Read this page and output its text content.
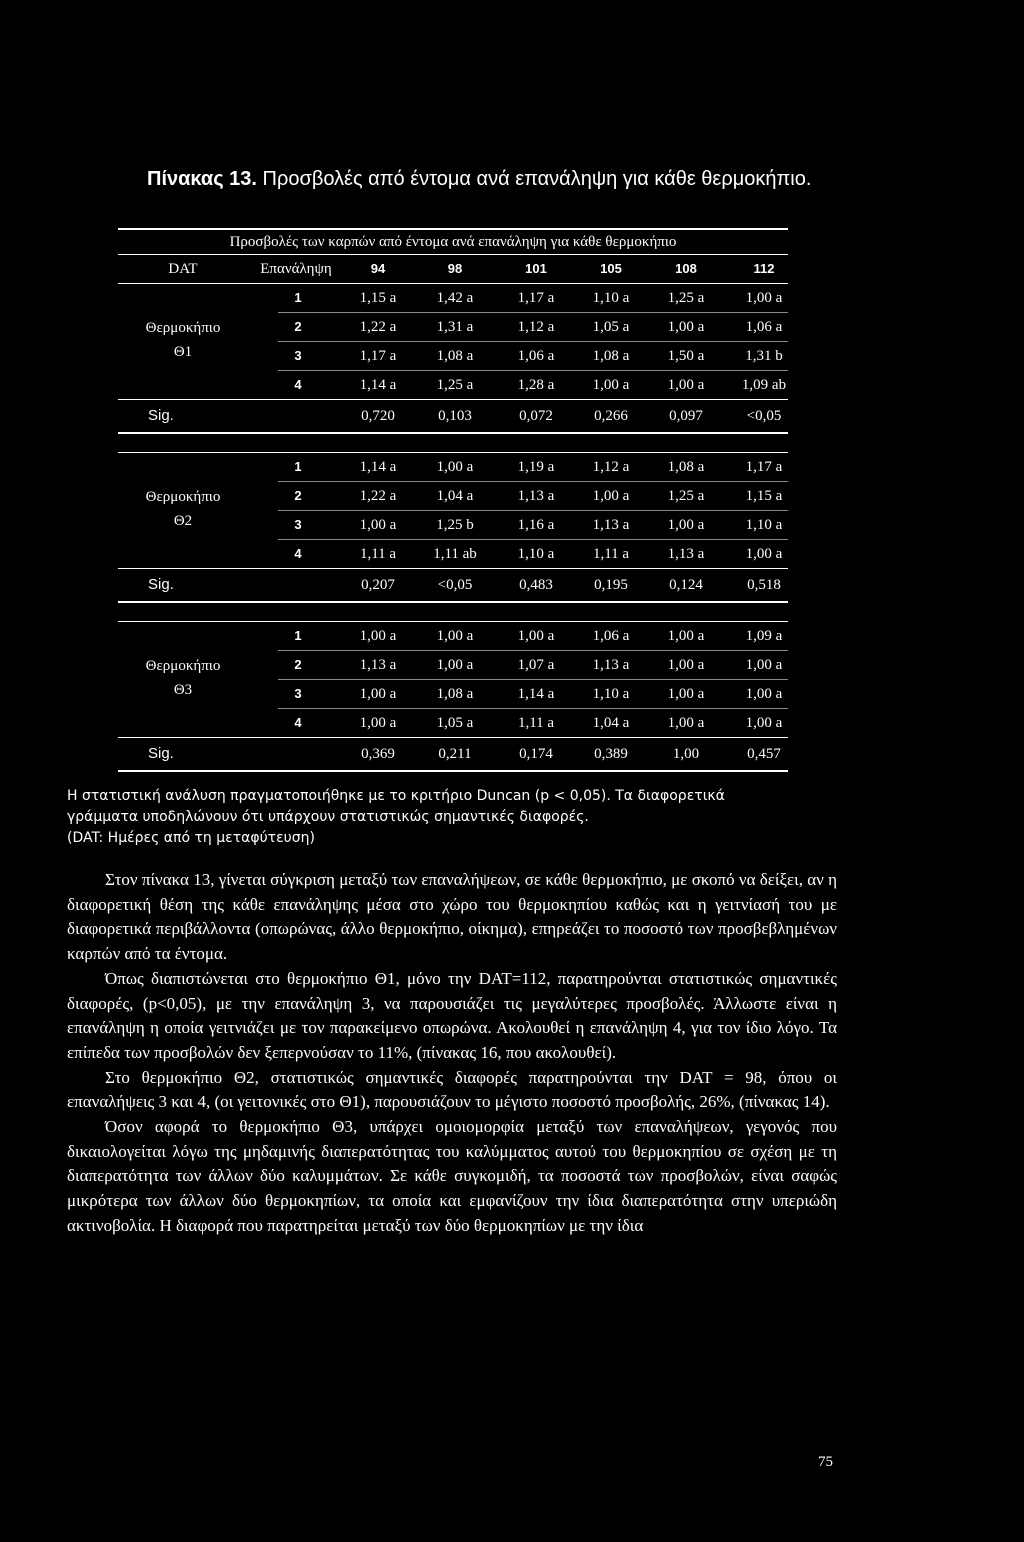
Πίνακας 13. Προσβολές από έντομα ανά επανάληψη για κάθε θερμοκήπιο.
Προσβολές των καρπών από έντομα ανά επανάληψη για κάθε θερμοκήπιο
DAT	Επανάληψη	94	98	101	105	108	112
Θερμοκήπιο
Θ1
1	1,15 a	1,42 a	1,17 a	1,10 a	1,25 a	1,00 a
2	1,22 a	1,31 a	1,12 a	1,05 a	1,00 a	1,06 a
3	1,17 a	1,08 a	1,06 a	1,08 a	1,50 a	1,31 b
4	1,14 a	1,25 a	1,28 a	1,00 a	1,00 a	1,09 ab
Sig.	0,720	0,103	0,072	0,266	0,097	<0,05
Θερμοκήπιο
Θ2
1	1,14 a	1,00 a	1,19 a	1,12 a	1,08 a	1,17 a
2	1,22 a	1,04 a	1,13 a	1,00 a	1,25 a	1,15 a
3	1,00 a	1,25 b	1,16 a	1,13 a	1,00 a	1,10 a
4	1,11 a	1,11 ab	1,10 a	1,11 a	1,13 a	1,00 a
Sig.	0,207	<0,05	0,483	0,195	0,124	0,518
Θερμοκήπιο
Θ3
1	1,00 a	1,00 a	1,00 a	1,06 a	1,00 a	1,09 a
2	1,13 a	1,00 a	1,07 a	1,13 a	1,00 a	1,00 a
3	1,00 a	1,08 a	1,14 a	1,10 a	1,00 a	1,00 a
4	1,00 a	1,05 a	1,11 a	1,04 a	1,00 a	1,00 a
Sig.	0,369	0,211	0,174	0,389	1,00	0,457
Η στατιστική ανάλυση πραγματοποιήθηκε με το κριτήριο Duncan (p < 0,05). Τα διαφορετικά
γράμματα υποδηλώνουν ότι υπάρχουν στατιστικώς σημαντικές διαφορές.
(DAT: Ημέρες από τη μεταφύτευση)

Στον πίνακα 13, γίνεται σύγκριση μεταξύ των επαναλήψεων, σε κάθε θερμοκήπιο, με σκοπό να δείξει, αν η διαφορετική θέση της κάθε επανάληψης μέσα στο χώρο του θερμοκηπίου καθώς και η γειτνίασή του με διαφορετικά περιβάλλοντα (οπωρώνας, άλλο θερμοκήπιο, οίκημα), επηρεάζει το ποσοστό των προσβεβλημένων καρπών από τα έντομα.

Όπως διαπιστώνεται στο θερμοκήπιο Θ1, μόνο την DAT=112, παρατηρούνται στατιστικώς σημαντικές διαφορές, (p<0,05), με την επανάληψη 3, να παρουσιάζει τις μεγαλύτερες προσβολές. Άλλωστε είναι η επανάληψη η οποία γειτνιάζει με τον παρακείμενο οπωρώνα. Ακολουθεί η επανάληψη 4, για τον ίδιο λόγο. Τα επίπεδα των προσβολών δεν ξεπερνούσαν το 11%, (πίνακας 16, που ακολουθεί).

Στο θερμοκήπιο Θ2, στατιστικώς σημαντικές διαφορές παρατηρούνται την DAT = 98, όπου οι επαναλήψεις 3 και 4, (οι γειτονικές στο Θ1), παρουσιάζουν το μέγιστο ποσοστό προσβολής, 26%, (πίνακας 14).

Όσον αφορά το θερμοκήπιο Θ3, υπάρχει ομοιομορφία μεταξύ των επαναλήψεων, γεγονός που δικαιολογείται λόγω της μηδαμινής διαπερατότητας του καλύμματος αυτού του θερμοκηπίου σε σχέση με τη διαπερατότητα των άλλων δύο καλυμμάτων. Σε κάθε συγκομιδή, τα ποσοστά των προσβολών, είναι σαφώς μικρότερα των άλλων δύο θερμοκηπίων, τα οποία και εμφανίζουν την ίδια διαπερατότητα στην υπεριώδη ακτινοβολία. Η διαφορά που παρατηρείται μεταξύ των δύο θερμοκηπίων με την ίδια

75
